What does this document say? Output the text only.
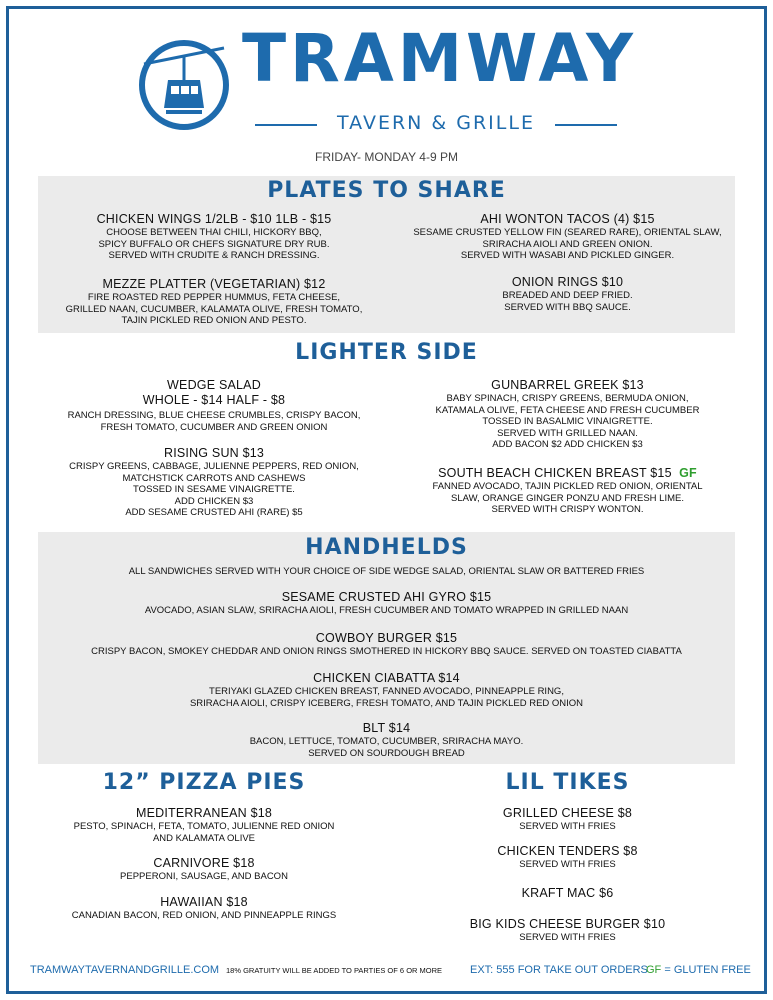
TRAMWAY
TAVERN & GRILLE
FRIDAY- MONDAY 4-9 PM
PLATES TO SHARE
CHICKEN WINGS 1/2LB - $10 1LB - $15
CHOOSE BETWEEN THAI CHILI, HICKORY BBQ,
SPICY BUFFALO OR CHEFS SIGNATURE DRY RUB.
SERVED WITH CRUDITE & RANCH DRESSING.
MEZZE PLATTER (VEGETARIAN) $12
FIRE ROASTED RED PEPPER HUMMUS, FETA CHEESE,
GRILLED NAAN, CUCUMBER, KALAMATA OLIVE, FRESH TOMATO,
TAJIN PICKLED RED ONION AND PESTO.
AHI WONTON TACOS (4) $15
SESAME CRUSTED YELLOW FIN (SEARED RARE), ORIENTAL SLAW,
SRIRACHA AIOLI AND GREEN ONION.
SERVED WITH WASABI AND PICKLED GINGER.
ONION RINGS $10
BREADED AND DEEP FRIED.
SERVED WITH BBQ SAUCE.
LIGHTER SIDE
WEDGE SALAD
WHOLE - $14 HALF - $8
RANCH DRESSING, BLUE CHEESE CRUMBLES, CRISPY BACON,
FRESH TOMATO, CUCUMBER AND GREEN ONION
RISING SUN $13
CRISPY GREENS, CABBAGE, JULIENNE PEPPERS, RED ONION,
MATCHSTICK CARROTS AND CASHEWS
TOSSED IN SESAME VINAIGRETTE.
ADD CHICKEN $3
ADD SESAME CRUSTED AHI (RARE) $5
GUNBARREL GREEK $13
BABY SPINACH, CRISPY GREENS, BERMUDA ONION,
KATAMALA OLIVE, FETA CHEESE AND FRESH CUCUMBER
TOSSED IN BASALMIC VINAIGRETTE.
SERVED WITH GRILLED NAAN.
ADD BACON $2 ADD CHICKEN $3
SOUTH BEACH CHICKEN BREAST $15 GF
FANNED AVOCADO, TAJIN PICKLED RED ONION, ORIENTAL
SLAW, ORANGE GINGER PONZU AND FRESH LIME.
SERVED WITH CRISPY WONTON.
HANDHELDS
ALL SANDWICHES SERVED WITH YOUR CHOICE OF SIDE WEDGE SALAD, ORIENTAL SLAW OR BATTERED FRIES
SESAME CRUSTED AHI GYRO $15
AVOCADO, ASIAN SLAW, SRIRACHA AIOLI, FRESH CUCUMBER AND TOMATO WRAPPED IN GRILLED NAAN
COWBOY BURGER $15
CRISPY BACON, SMOKEY CHEDDAR AND ONION RINGS SMOTHERED IN HICKORY BBQ SAUCE. SERVED ON TOASTED CIABATTA
CHICKEN CIABATTA $14
TERIYAKI GLAZED CHICKEN BREAST, FANNED AVOCADO, PINNEAPPLE RING,
SRIRACHA AIOLI, CRISPY ICEBERG, FRESH TOMATO, AND TAJIN PICKLED RED ONION
BLT $14
BACON, LETTUCE, TOMATO, CUCUMBER, SRIRACHA MAYO.
SERVED ON SOURDOUGH BREAD
12” PIZZA PIES
MEDITERRANEAN $18
PESTO, SPINACH, FETA, TOMATO, JULIENNE RED ONION
AND KALAMATA OLIVE
CARNIVORE $18
PEPPERONI, SAUSAGE, AND BACON
HAWAIIAN $18
CANADIAN BACON, RED ONION, AND PINNEAPPLE RINGS
LIL TIKES
GRILLED CHEESE $8
SERVED WITH FRIES
CHICKEN TENDERS $8
SERVED WITH FRIES
KRAFT MAC $6
BIG KIDS CHEESE BURGER $10
SERVED WITH FRIES
TRAMWAYTAVERNANDGRILLE.COM 18% GRATUITY WILL BE ADDED TO PARTIES OF 6 OR MORE	EXT: 555 FOR TAKE OUT ORDERS
GF = GLUTEN FREE
